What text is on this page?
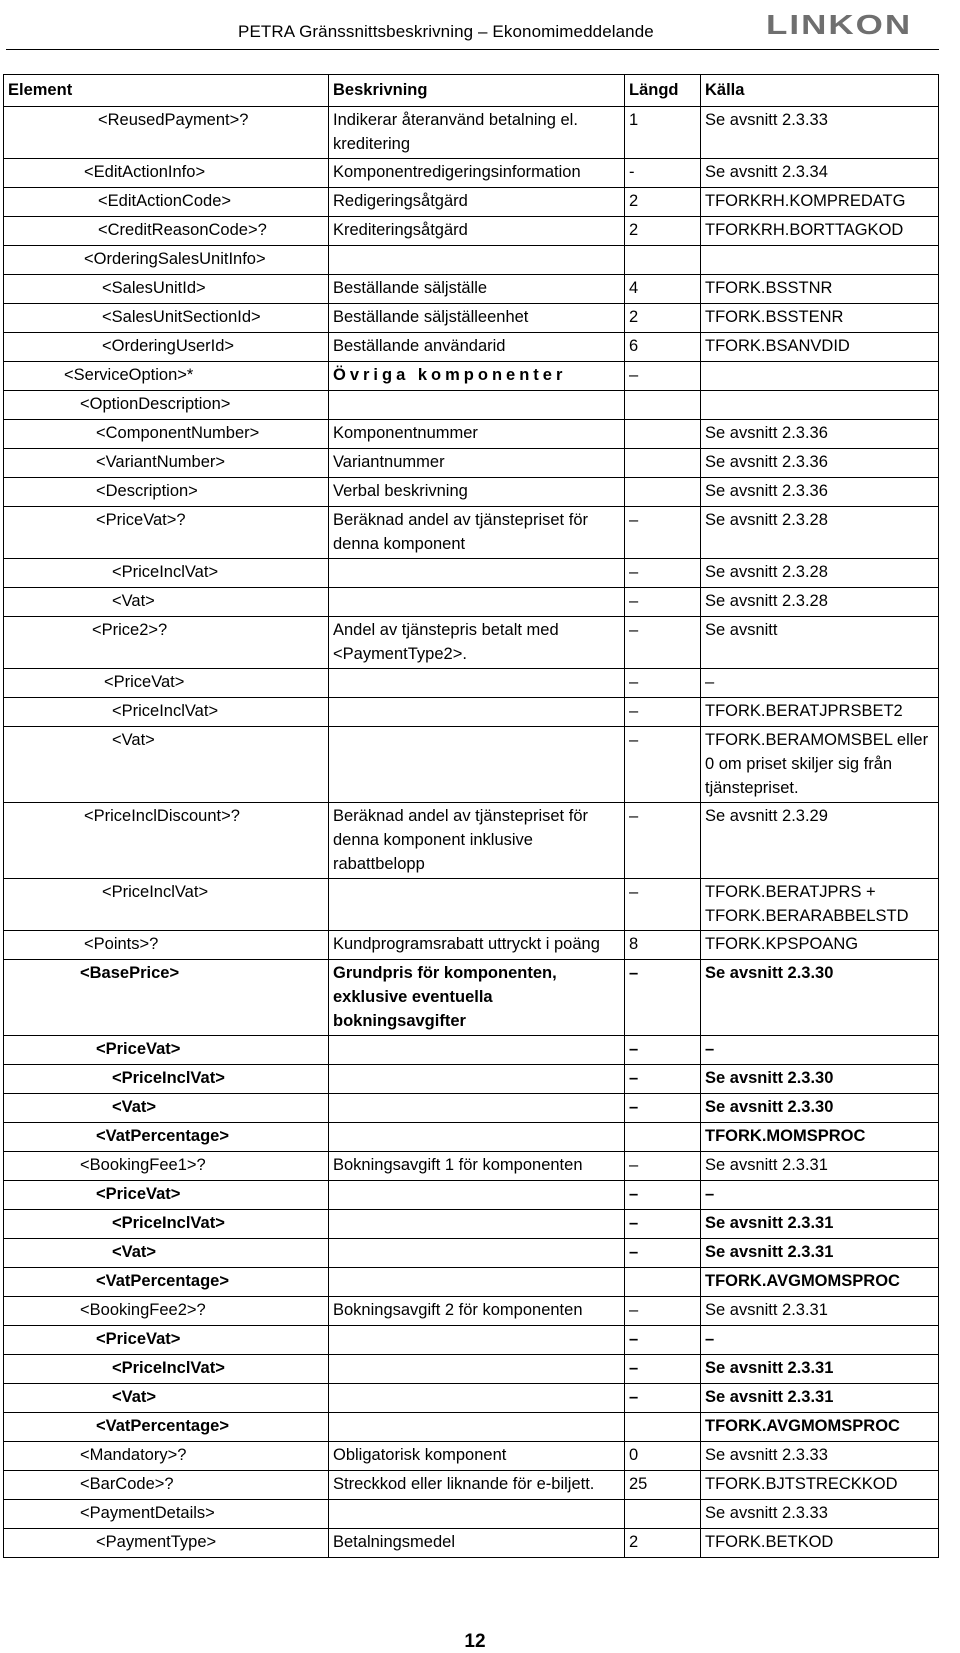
PETRA Gränssnittsbeskrivning – Ekonomimeddelande	LINKON
Element	Beskrivning	Längd	Källa
<ReusedPayment>?	Indikerar återanvänd betalning el. kreditering	1	Se avsnitt 2.3.33
<EditActionInfo>	Komponentredigeringsinformation	-	Se avsnitt 2.3.34
<EditActionCode>	Redigeringsåtgärd	2	TFORKRH.KOMPREDATG
<CreditReasonCode>?	Krediteringsåtgärd	2	TFORKRH.BORTTAGKOD
<OrderingSalesUnitInfo>			
<SalesUnitId>	Beställande säljställe	4	TFORK.BSSTNR
<SalesUnitSectionId>	Beställande säljställeenhet	2	TFORK.BSSTENR
<OrderingUserId>	Beställande användarid	6	TFORK.BSANVDID
<ServiceOption>*	Övriga komponenter	–	
<OptionDescription>			
<ComponentNumber>	Komponentnummer		Se avsnitt 2.3.36
<VariantNumber>	Variantnummer		Se avsnitt 2.3.36
<Description>	Verbal beskrivning		Se avsnitt 2.3.36
<PriceVat>?	Beräknad andel av tjänstepriset för denna komponent	–	Se avsnitt 2.3.28
<PriceInclVat>		–	Se avsnitt 2.3.28
<Vat>		–	Se avsnitt 2.3.28
<Price2>?	Andel av tjänstepris betalt med <PaymentType2>.	–	Se avsnitt
<PriceVat>		–	–
<PriceInclVat>		–	TFORK.BERATJPRSBET2
<Vat>		–	TFORK.BERAMOMSBEL eller 0 om priset skiljer sig från tjänstepriset.
<PriceInclDiscount>?	Beräknad andel av tjänstepriset för denna komponent inklusive rabattbelopp	–	Se avsnitt 2.3.29
<PriceInclVat>		–	TFORK.BERATJPRS + TFORK.BERARABBELSTD
<Points>?	Kundprogramsrabatt uttryckt i poäng	8	TFORK.KPSPOANG
<BasePrice>	Grundpris för komponenten, exklusive eventuella bokningsavgifter	–	Se avsnitt 2.3.30
<PriceVat>		–	–
<PriceInclVat>		–	Se avsnitt 2.3.30
<Vat>		–	Se avsnitt 2.3.30
<VatPercentage>			TFORK.MOMSPROC
<BookingFee1>?	Bokningsavgift 1 för komponenten	–	Se avsnitt 2.3.31
<PriceVat>		–	–
<PriceInclVat>		–	Se avsnitt 2.3.31
<Vat>		–	Se avsnitt 2.3.31
<VatPercentage>			TFORK.AVGMOMSPROC
<BookingFee2>?	Bokningsavgift 2 för komponenten	–	Se avsnitt 2.3.31
<PriceVat>		–	–
<PriceInclVat>		–	Se avsnitt 2.3.31
<Vat>		–	Se avsnitt 2.3.31
<VatPercentage>			TFORK.AVGMOMSPROC
<Mandatory>?	Obligatorisk komponent	0	Se avsnitt 2.3.33
<BarCode>?	Streckkod eller liknande för e-biljett.	25	TFORK.BJTSTRECKKOD
<PaymentDetails>			Se avsnitt 2.3.33
<PaymentType>	Betalningsmedel	2	TFORK.BETKOD
12
